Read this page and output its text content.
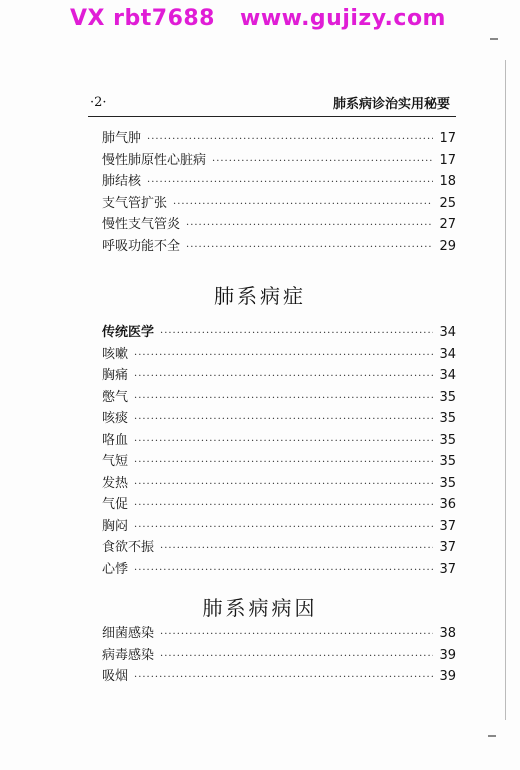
VX rbt7688 www.gujizy.com
·2·	肺系病诊治实用秘要
肺气肿 ·····	17
慢性肺原性心脏病 ·····	17
肺结核 ·····	18
支气管扩张 ·····	25
慢性支气管炎 ·····	27
呼吸功能不全 ·····	29
肺系病症
传统医学 ·····	34
咳嗽 ·····	34
胸痛 ·····	34
憋气 ·····	35
咳痰 ·····	35
咯血 ·····	35
气短 ·····	35
发热 ·····	35
气促 ·····	36
胸闷 ·····	37
食欲不振 ·····	37
心悸 ·····	37
肺系病病因
细菌感染 ·····	38
病毒感染 ·····	39
吸烟 ·····	39
